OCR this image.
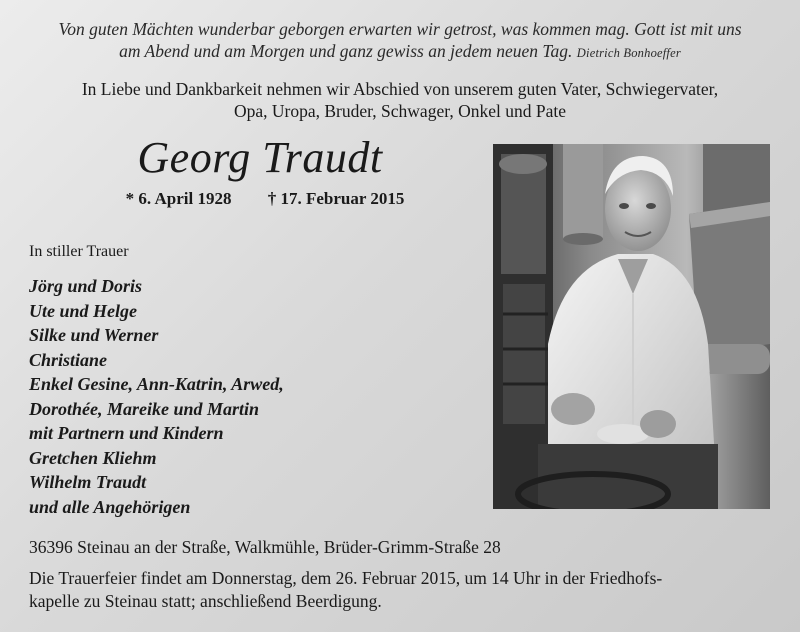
Von guten Mächten wunderbar geborgen erwarten wir getrost, was kommen mag. Gott ist mit uns
am Abend und am Morgen und ganz gewiss an jedem neuen Tag. Dietrich Bonhoeffer
In Liebe und Dankbarkeit nehmen wir Abschied von unserem guten Vater, Schwiegervater,
Opa, Uropa, Bruder, Schwager, Onkel und Pate
Georg Traudt
* 6. April 1928 † 17. Februar 2015
In stiller Trauer
Jörg und Doris
Ute und Helge
Silke und Werner
Christiane
Enkel Gesine, Ann-Katrin, Arwed,
Dorothée, Mareike und Martin
mit Partnern und Kindern
Gretchen Kliehm
Wilhelm Traudt
und alle Angehörigen
36396 Steinau an der Straße, Walkmühle, Brüder-Grimm-Straße 28
Die Trauerfeier findet am Donnerstag, dem 26. Februar 2015, um 14 Uhr in der Friedhofs-
kapelle zu Steinau statt; anschließend Beerdigung.
